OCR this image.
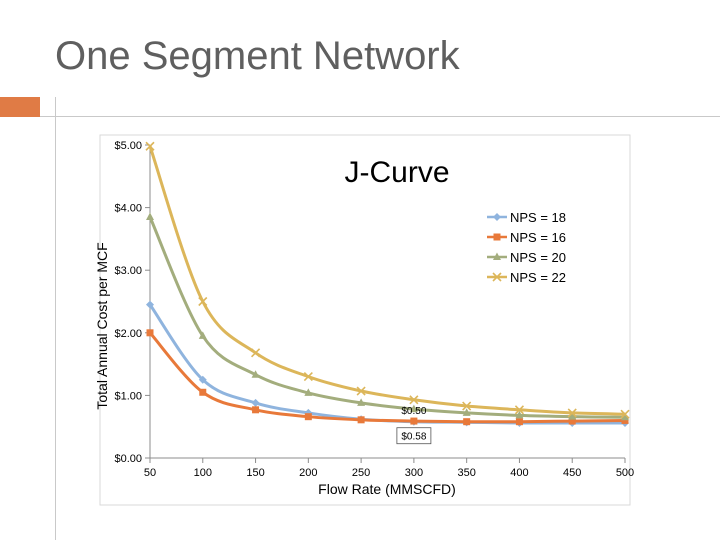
One Segment Network
J-Curve
Flow Rate (MMSCFD)
Total Annual Cost per MCF
$0.00
$1.00
$2.00
$3.00
$4.00
$5.00
50	100	150	200	250	300	350	400	450	500
NPS = 18
NPS = 16
NPS = 20
NPS = 22
$0.50
$0.58
